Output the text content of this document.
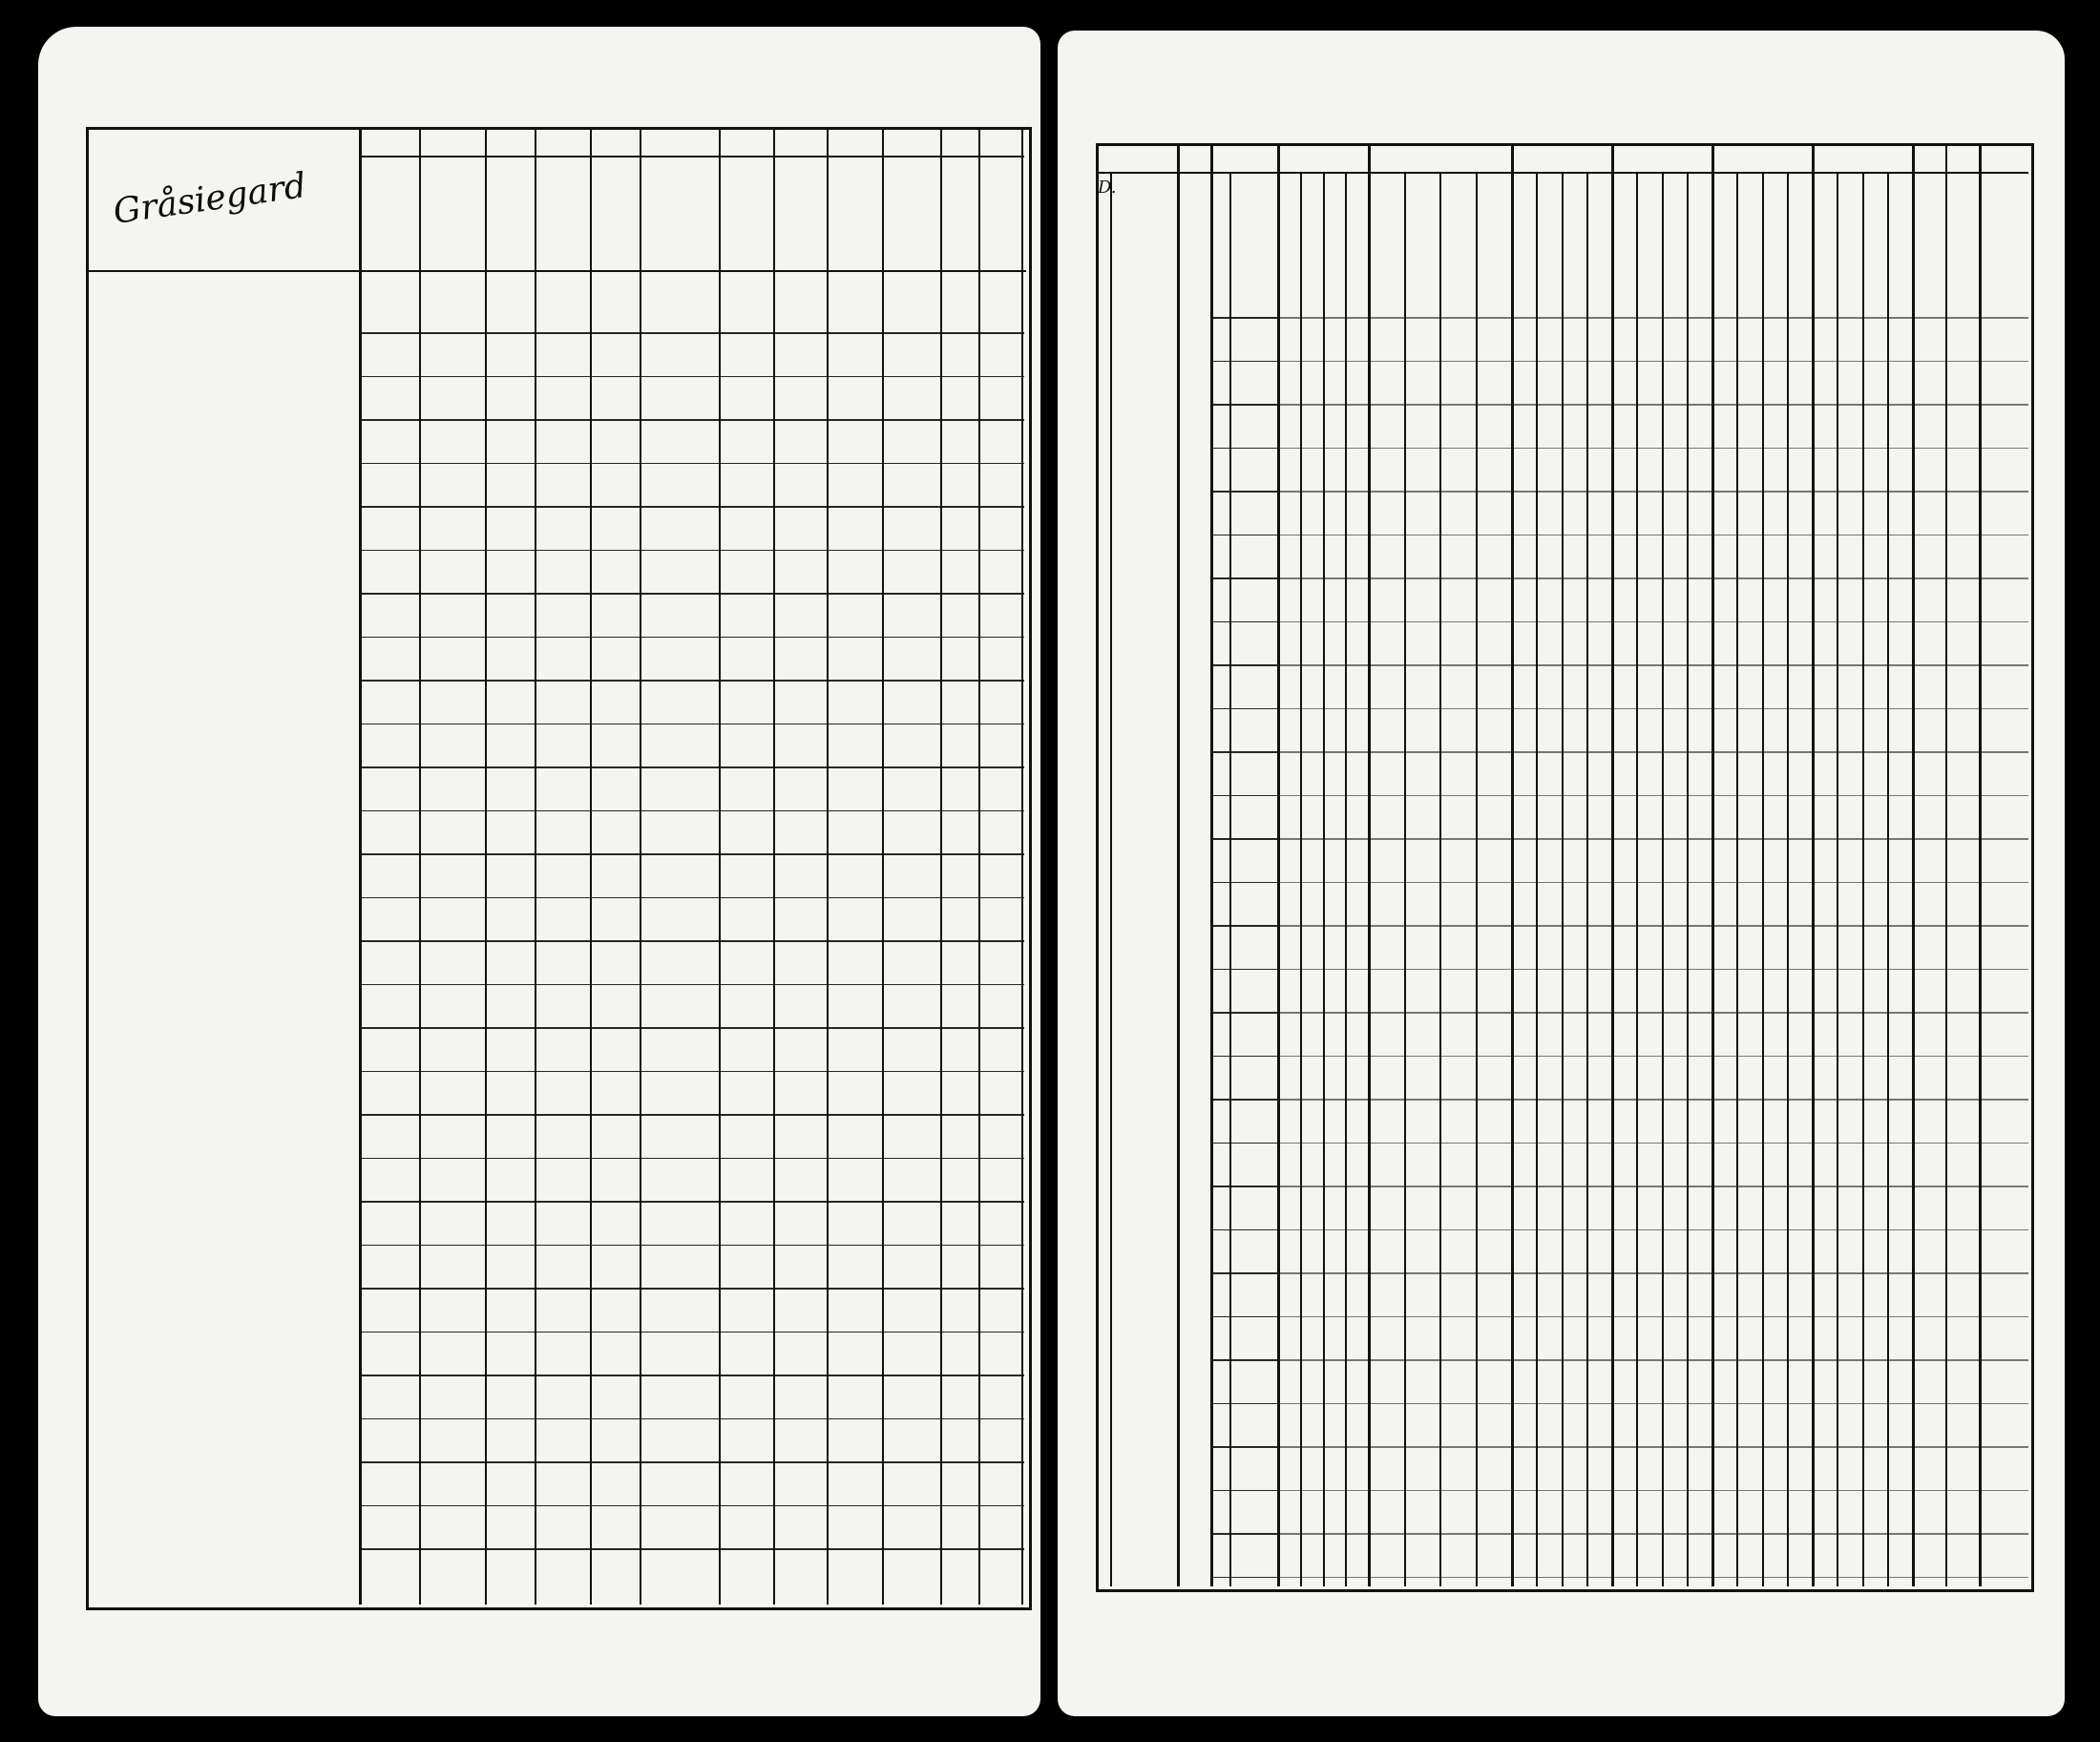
Gråsiegard	D.
